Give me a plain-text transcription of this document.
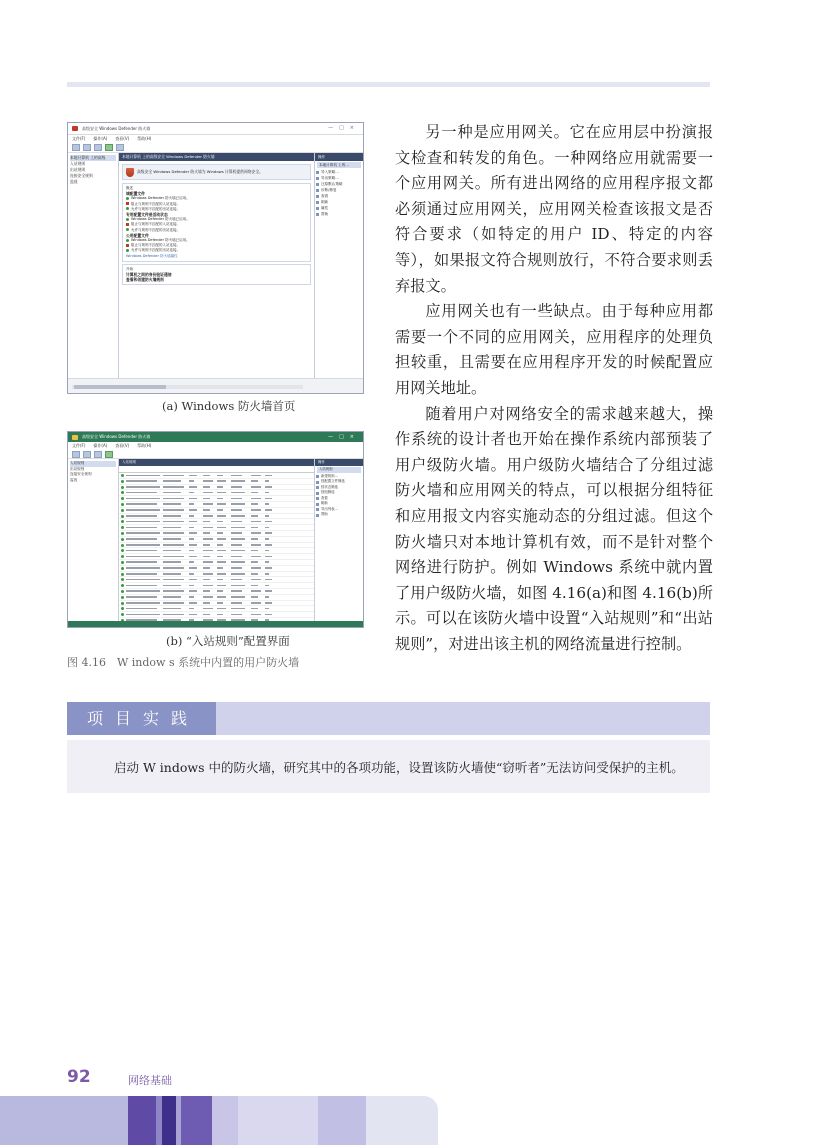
高级安全 Windows Defender 防火墙	—□×
文件(F) 操作(A) 查看(V) 帮助(H)
本地计算机 上的高级
入站规则
出站规则
连接安全规则
监视
本地计算机 上的高级安全 Windows Defender 防火墙
高级安全 Windows Defender 防火墙为 Windows 计算机提供网络安全。
概述
域配置文件
Windows Defender 防火墙已启用。
阻止与规则不匹配的入站连接。
允许与规则不匹配的出站连接。
专用配置文件是活动状态
Windows Defender 防火墙已启用。
阻止与规则不匹配的入站连接。
允许与规则不匹配的出站连接。
公用配置文件
Windows Defender 防火墙已启用。
阻止与规则不匹配的入站连接。
允许与规则不匹配的出站连接。
Windows Defender 防火墙属性
开始
计算机之间的身份验证通信
查看和创建防火墙规则
操作
本地计算机 上的...
导入策略...
导出策略...
还原默认策略
诊断/修复
查看
刷新
属性
帮助
(a) Windows 防火墙首页
高级安全 Windows Defender 防火墙	—□×
文件(F) 操作(A) 查看(V) 帮助(H)
入站规则
出站规则
连接安全规则
监视
入站规则	操作
入站规则
新建规则...
按配置文件筛选
按状态筛选
按组筛选
查看
刷新
导出列表...
帮助
(b) “入站规则”配置界面
图 4.16　W indow s 系统中内置的用户防火墙

另一种是应用网关。它在应用层中扮演报文检查和转发的角色。一种网络应用就需要一个应用网关。所有进出网络的应用程序报文都必须通过应用网关，应用网关检查该报文是否符合要求（如特定的用户 ID、特定的内容等），如果报文符合规则放行，不符合要求则丢弃报文。

应用网关也有一些缺点。由于每种应用都需要一个不同的应用网关，应用程序的处理负担较重，且需要在应用程序开发的时候配置应用网关地址。

随着用户对网络安全的需求越来越大，操作系统的设计者也开始在操作系统内部预装了用户级防火墙。用户级防火墙结合了分组过滤防火墙和应用网关的特点，可以根据分组特征和应用报文内容实施动态的分组过滤。但这个防火墙只对本地计算机有效，而不是针对整个网络进行防护。例如 Windows 系统中就内置了用户级防火墙，如图 4.16(a)和图 4.16(b)所示。可以在该防火墙中设置“入站规则”和“出站规则”，对进出该主机的网络流量进行控制。

项目实践
启动 W indows 中的防火墙，研究其中的各项功能，设置该防火墙使“窃听者”无法访问受保护的主机。
92	网络基础
